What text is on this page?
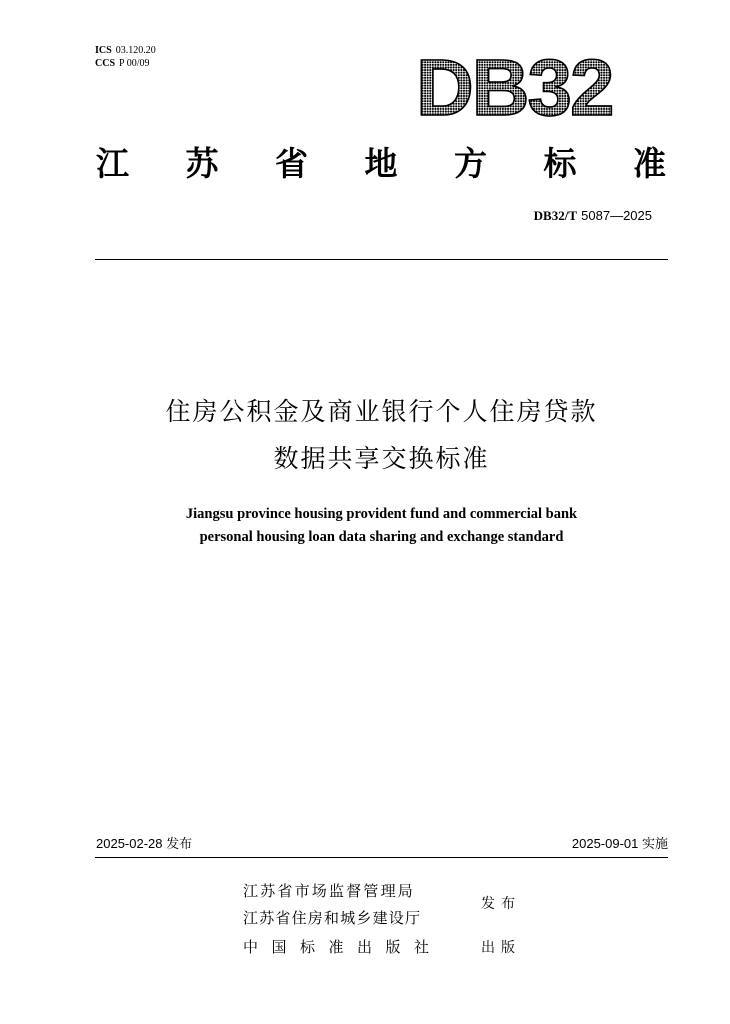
ICS 03.120.20
CCS P 00/09	DB32
江 苏 省 地 方 标 准
DB32/T 5087—2025
住房公积金及商业银行个人住房贷款
数据共享交换标准
Jiangsu province housing provident fund and commercial bank
personal housing loan data sharing and exchange standard
2025-02-28 发布	2025-09-01 实施
江苏省市场监督管理局
江苏省住房和城乡建设厅
发布
中国标准出版社	出版
